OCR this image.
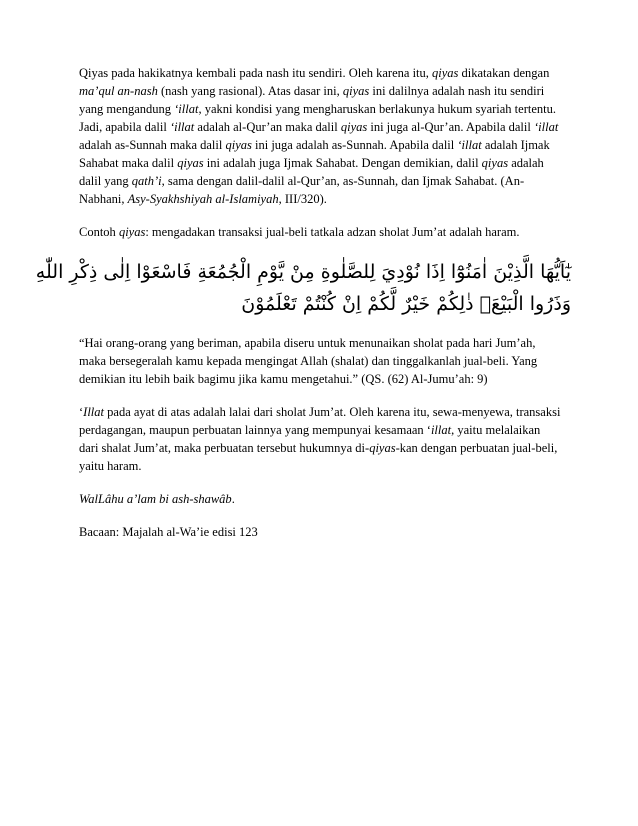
Qiyas pada hakikatnya kembali pada nash itu sendiri. Oleh karena itu, qiyas dikatakan dengan ma’qul an-nash (nash yang rasional). Atas dasar ini, qiyas ini dalilnya adalah nash itu sendiri yang mengandung ‘illat, yakni kondisi yang mengharuskan berlakunya hukum syariah tertentu. Jadi, apabila dalil ‘illat adalah al-Qur’an maka dalil qiyas ini juga al-Qur’an. Apabila dalil ‘illat adalah as-Sunnah maka dalil qiyas ini juga adalah as-Sunnah. Apabila dalil ‘illat adalah Ijmak Sahabat maka dalil qiyas ini adalah juga Ijmak Sahabat. Dengan demikian, dalil qiyas adalah dalil yang qath’i, sama dengan dalil-dalil al-Qur’an, as-Sunnah, dan Ijmak Sahabat. (An-Nabhani, Asy-Syakhshiyah al-Islamiyah, III/320).

Contoh qiyas: mengadakan transaksi jual-beli tatkala adzan sholat Jum’at adalah haram.

يٰٓاَيُّهَا الَّذِيْنَ اٰمَنُوْٓا اِذَا نُوْدِيَ لِلصَّلٰوةِ مِنْ يَّوْمِ الْجُمُعَةِ فَاسْعَوْا اِلٰى ذِكْرِ اللّٰهِ
وَذَرُوا الْبَيْعَۗ ذٰلِكُمْ خَيْرٌ لَّكُمْ اِنْ كُنْتُمْ تَعْلَمُوْنَ

“Hai orang-orang yang beriman, apabila diseru untuk menunaikan sholat pada hari Jum’ah, maka bersegeralah kamu kepada mengingat Allah (shalat) dan tinggalkanlah jual-beli. Yang demikian itu lebih baik bagimu jika kamu mengetahui.” (QS. (62) Al-Jumu’ah: 9)

‘Illat pada ayat di atas adalah lalai dari sholat Jum’at. Oleh karena itu, sewa-menyewa, transaksi perdagangan, maupun perbuatan lainnya yang mempunyai kesamaan ‘illat, yaitu melalaikan dari shalat Jum’at, maka perbuatan tersebut hukumnya di-qiyas-kan dengan perbuatan jual-beli, yaitu haram.

WalLâhu a’lam bi ash-shawâb.

Bacaan: Majalah al-Wa’ie edisi 123
